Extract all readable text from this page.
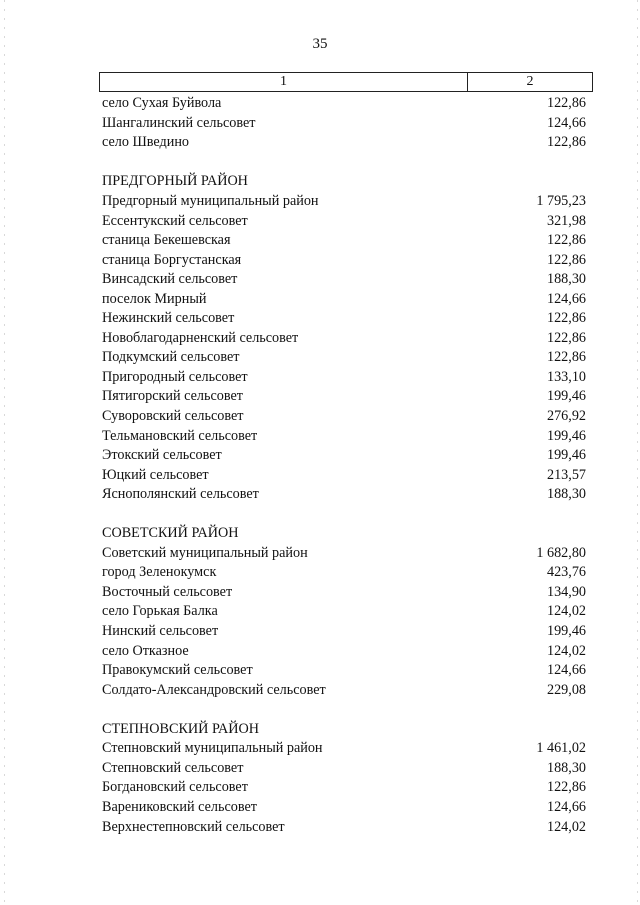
35
1	2
село Сухая Буйвола	122,86
Шангалинский сельсовет	124,66
село Шведино	122,86
ПРЕДГОРНЫЙ РАЙОН
Предгорный муниципальный район	1 795,23
Ессентукский сельсовет	321,98
станица Бекешевская	122,86
станица Боргустанская	122,86
Винсадский сельсовет	188,30
поселок Мирный	124,66
Нежинский сельсовет	122,86
Новоблагодарненский сельсовет	122,86
Подкумский сельсовет	122,86
Пригородный сельсовет	133,10
Пятигорский сельсовет	199,46
Суворовский сельсовет	276,92
Тельмановский сельсовет	199,46
Этокский сельсовет	199,46
Юцкий сельсовет	213,57
Яснополянский сельсовет	188,30
СОВЕТСКИЙ РАЙОН
Советский муниципальный район	1 682,80
город Зеленокумск	423,76
Восточный сельсовет	134,90
село Горькая Балка	124,02
Нинский сельсовет	199,46
село Отказное	124,02
Правокумский сельсовет	124,66
Солдато-Александровский сельсовет	229,08
СТЕПНОВСКИЙ РАЙОН
Степновский муниципальный район	1 461,02
Степновский сельсовет	188,30
Богдановский сельсовет	122,86
Варениковский сельсовет	124,66
Верхнестепновский сельсовет	124,02
